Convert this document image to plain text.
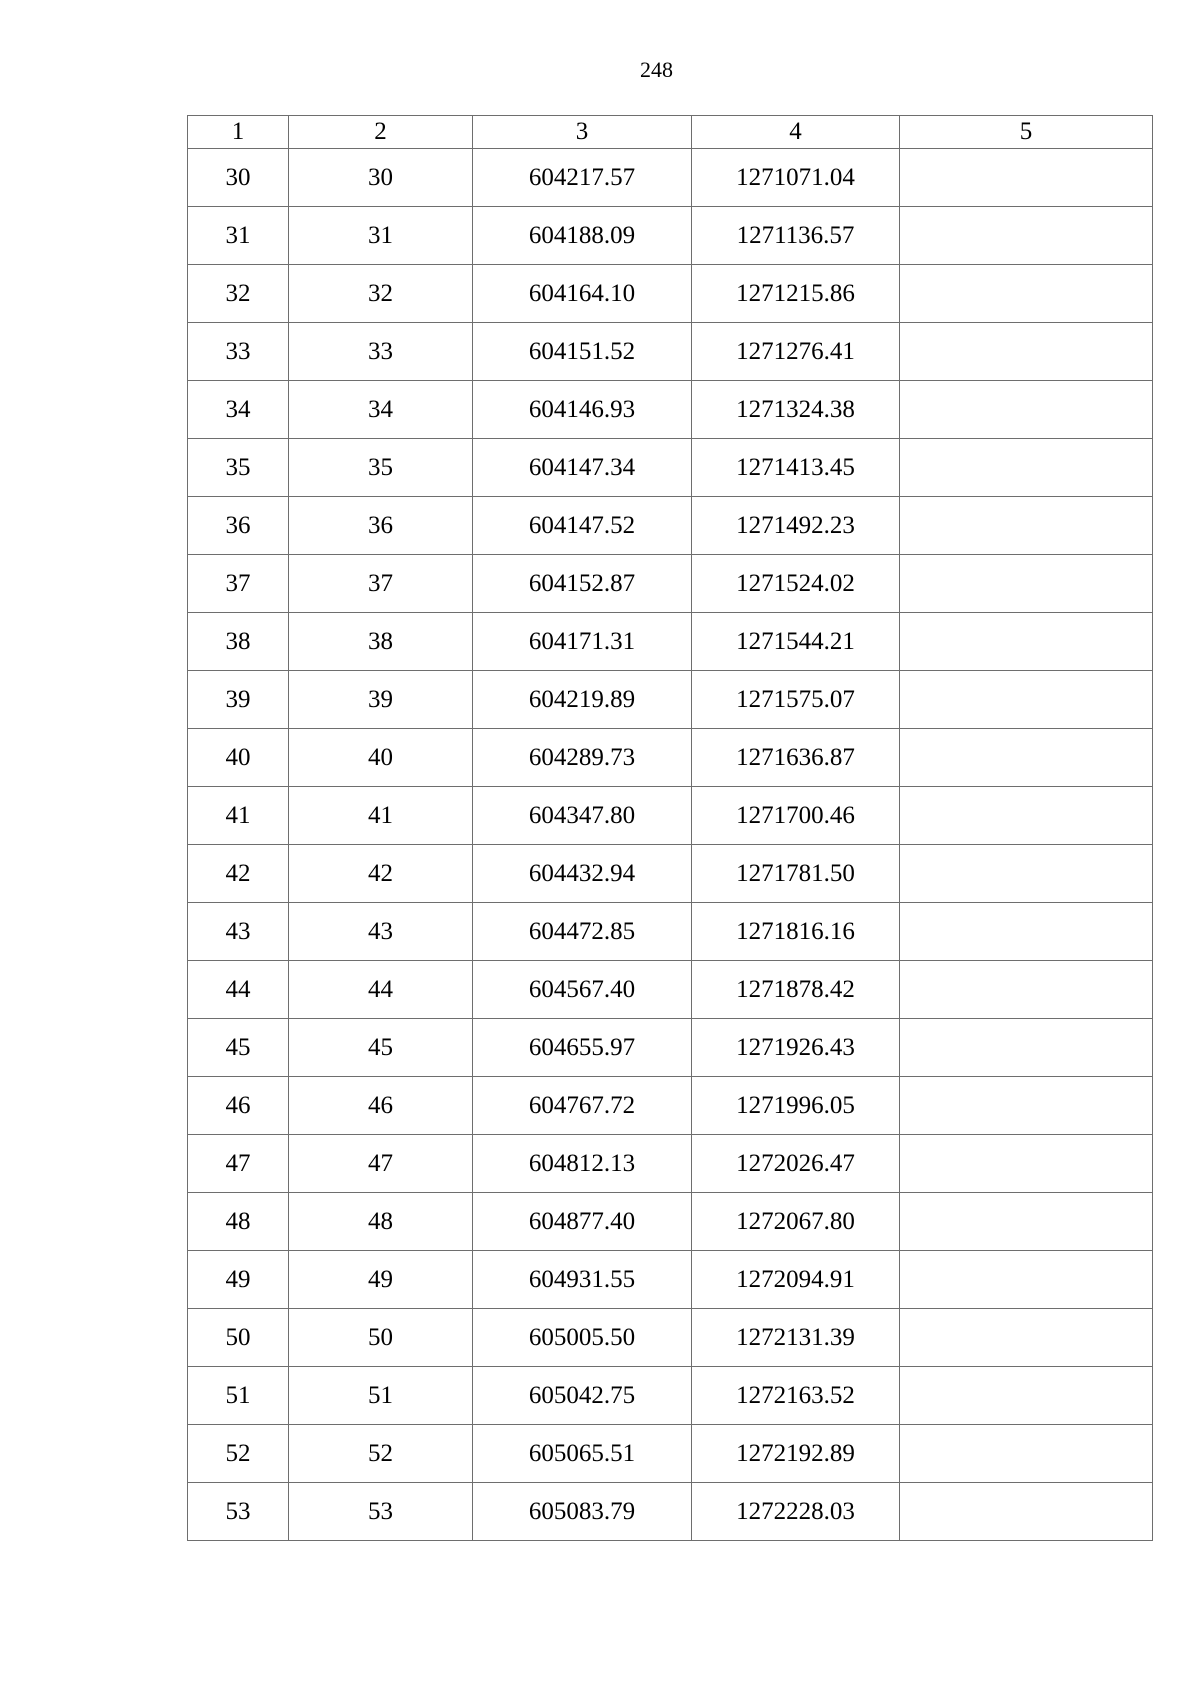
248
1	2	3	4	5
30	30	604217.57	1271071.04	
31	31	604188.09	1271136.57	
32	32	604164.10	1271215.86	
33	33	604151.52	1271276.41	
34	34	604146.93	1271324.38	
35	35	604147.34	1271413.45	
36	36	604147.52	1271492.23	
37	37	604152.87	1271524.02	
38	38	604171.31	1271544.21	
39	39	604219.89	1271575.07	
40	40	604289.73	1271636.87	
41	41	604347.80	1271700.46	
42	42	604432.94	1271781.50	
43	43	604472.85	1271816.16	
44	44	604567.40	1271878.42	
45	45	604655.97	1271926.43	
46	46	604767.72	1271996.05	
47	47	604812.13	1272026.47	
48	48	604877.40	1272067.80	
49	49	604931.55	1272094.91	
50	50	605005.50	1272131.39	
51	51	605042.75	1272163.52	
52	52	605065.51	1272192.89	
53	53	605083.79	1272228.03	
